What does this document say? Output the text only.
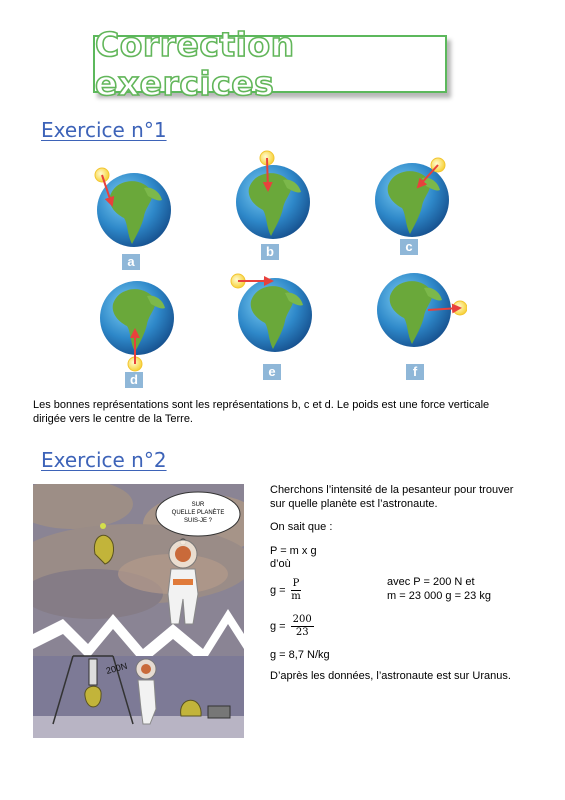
Correction exercices
Exercice n°1
a
b	c
d
e	f
Les bonnes représentations sont les représentations b, c et d. Le poids est une force verticale
dirigée vers le centre de la Terre.
Exercice n°2
SUR
QUELLE PLANÈTE
SUIS-JE ?
200N
Cherchons l’intensité de la pesanteur pour trouver
sur quelle planète est l’astronaute.
On sait que :
P = m x g
d’où
$g = \frac{P}{m}$	avec P = 200 N et
m = 23 000 g = 23 kg
$g = \frac{200}{23}$
g = 8,7 N/kg
D’après les données, l’astronaute est sur Uranus.
